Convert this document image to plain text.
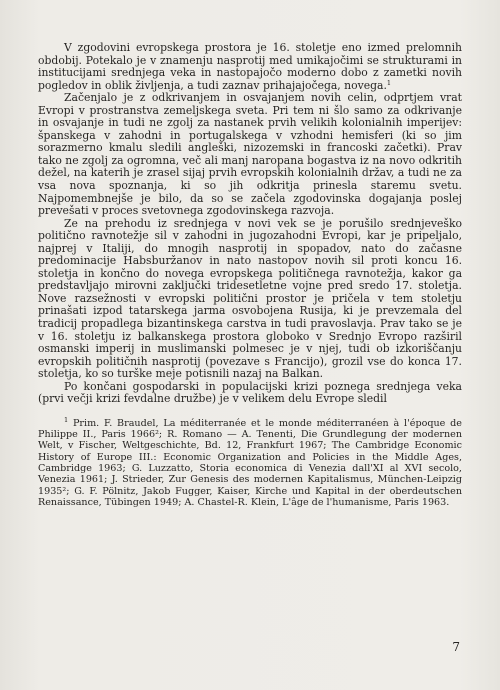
V zgodovini evropskega prostora je 16. stoletje eno izmed prelomnih obdobij. Potekalo je v znamenju nasprotij med umikajočimi se strukturami in institucijami srednjega veka in nastopajočo moderno dobo z zametki novih pogledov in oblik življenja, a tudi zaznav prihajajočega, novega.$^1$

Začenjalo je z odkrivanjem in osvajanjem novih celin, odprtjem vrat Evropi v prostranstva zemeljskega sveta. Pri tem ni šlo samo za odkrivanje in osvajanje in tudi ne zgolj za nastanek prvih velikih kolonialnih imperijev: španskega v zahodni in portugalskega v vzhodni hemisferi (ki so jim sorazmerno kmalu sledili angleški, nizozemski in francoski začetki). Prav tako ne zgolj za ogromna, več ali manj naropana bogastva iz na novo odkritih dežel, na katerih je zrasel sijaj prvih evropskih kolonialnih držav, a tudi ne za vsa nova spoznanja, ki so jih odkritja prinesla staremu svetu. Najpomembnejše je bilo, da so se začela zgodovinska dogajanja poslej prevešati v proces svetovnega zgodovinskega razvoja.

Ze na prehodu iz srednjega v novi vek se je porušilo srednjeveško politično ravnotežje sil v zahodni in jugozahodni Evropi, kar je pripeljalo, najprej v Italiji, do mnogih nasprotij in spopadov, nato do začasne predominacije Habsburžanov in nato nastopov novih sil proti koncu 16. stoletja in končno do novega evropskega političnega ravnotežja, kakor ga predstavljajo mirovni zaključki tridesetletne vojne pred sredo 17. stoletja. Nove razsežnosti v evropski politični prostor je pričela v tem stoletju prinašati izpod tatarskega jarma osvobojena Rusija, ki je prevzemala del tradicij propadlega bizantinskega carstva in tudi pravoslavja. Prav tako se je v 16. stoletju iz balkanskega prostora globoko v Srednjo Evropo razširil osmanski imperij in muslimanski polmesec je v njej, tudi ob izkoriščanju evropskih političnih nasprotij (povezave s Francijo), grozil vse do konca 17. stoletja, ko so turške meje potisnili nazaj na Balkan.

Po končani gospodarski in populacijski krizi poznega srednjega veka (prvi večji krizi fevdalne družbe) je v velikem delu Evrope sledil

$^1$ Prim. F. Braudel, La méditerranée et le monde méditerranéen à l'époque de Philippe II., Paris 1966²; R. Romano — A. Tenenti, Die Grundlegung der modernen Welt, v Fischer, Weltgeschichte, Bd. 12, Frankfurt 1967; The Cambridge Economic History of Europe III.: Economic Organization and Policies in the Middle Ages, Cambridge 1963; G. Luzzatto, Storia economica di Venezia dall'XI al XVI secolo, Venezia 1961; J. Strieder, Zur Genesis des modernen Kapitalismus, München-Leipzig 1935²; G. F. Pölnitz, Jakob Fugger, Kaiser, Kirche und Kapital in der oberdeutschen Renaissance, Tübingen 1949; A. Chastel-R. Klein, L'âge de l'humanisme, Paris 1963.

7
